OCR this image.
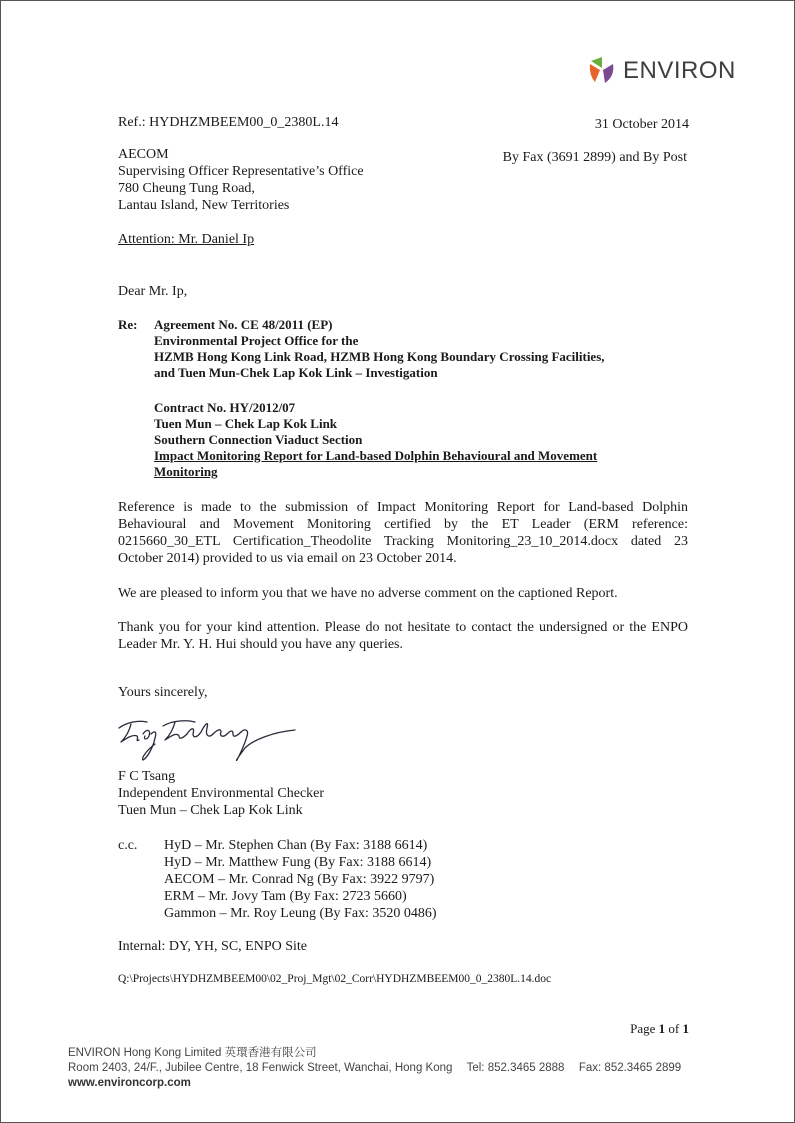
ENVIRON
Ref.: HYDHZMBEEM00_0_2380L.14	31 October 2014
By Fax (3691 2899) and By Post
AECOM
Supervising Officer Representative’s Office
780 Cheung Tung Road,
Lantau Island, New Territories
Attention: Mr. Daniel Ip
Dear Mr. Ip,
Re: Agreement No. CE 48/2011 (EP)
Environmental Project Office for the
HZMB Hong Kong Link Road, HZMB Hong Kong Boundary Crossing Facilities,
and Tuen Mun-Chek Lap Kok Link – Investigation
Contract No. HY/2012/07
Tuen Mun – Chek Lap Kok Link
Southern Connection Viaduct Section
Impact Monitoring Report for Land-based Dolphin Behavioural and Movement
Monitoring
Reference is made to the submission of Impact Monitoring Report for Land-based Dolphin Behavioural and Movement Monitoring certified by the ET Leader (ERM reference: 0215660_30_ETL Certification_Theodolite Tracking Monitoring_23_10_2014.docx dated 23 October 2014) provided to us via email on 23 October 2014.
We are pleased to inform you that we have no adverse comment on the captioned Report.
Thank you for your kind attention. Please do not hesitate to contact the undersigned or the ENPO Leader Mr. Y. H. Hui should you have any queries.
Yours sincerely,
F C Tsang
Independent Environmental Checker
Tuen Mun – Chek Lap Kok Link
c.c. HyD – Mr. Stephen Chan (By Fax: 3188 6614)
HyD – Mr. Matthew Fung (By Fax: 3188 6614)
AECOM – Mr. Conrad Ng (By Fax: 3922 9797)
ERM – Mr. Jovy Tam (By Fax: 2723 5660)
Gammon – Mr. Roy Leung (By Fax: 3520 0486)
Internal: DY, YH, SC, ENPO Site
Q:\Projects\HYDHZMBEEM00\02_Proj_Mgt\02_Corr\HYDHZMBEEM00_0_2380L.14.doc
Page 1 of 1
ENVIRON Hong Kong Limited 英環香港有限公司
Room 2403, 24/F., Jubilee Centre, 18 Fenwick Street, Wanchai, Hong Kong Tel: 852.3465 2888 Fax: 852.3465 2899
www.environcorp.com
